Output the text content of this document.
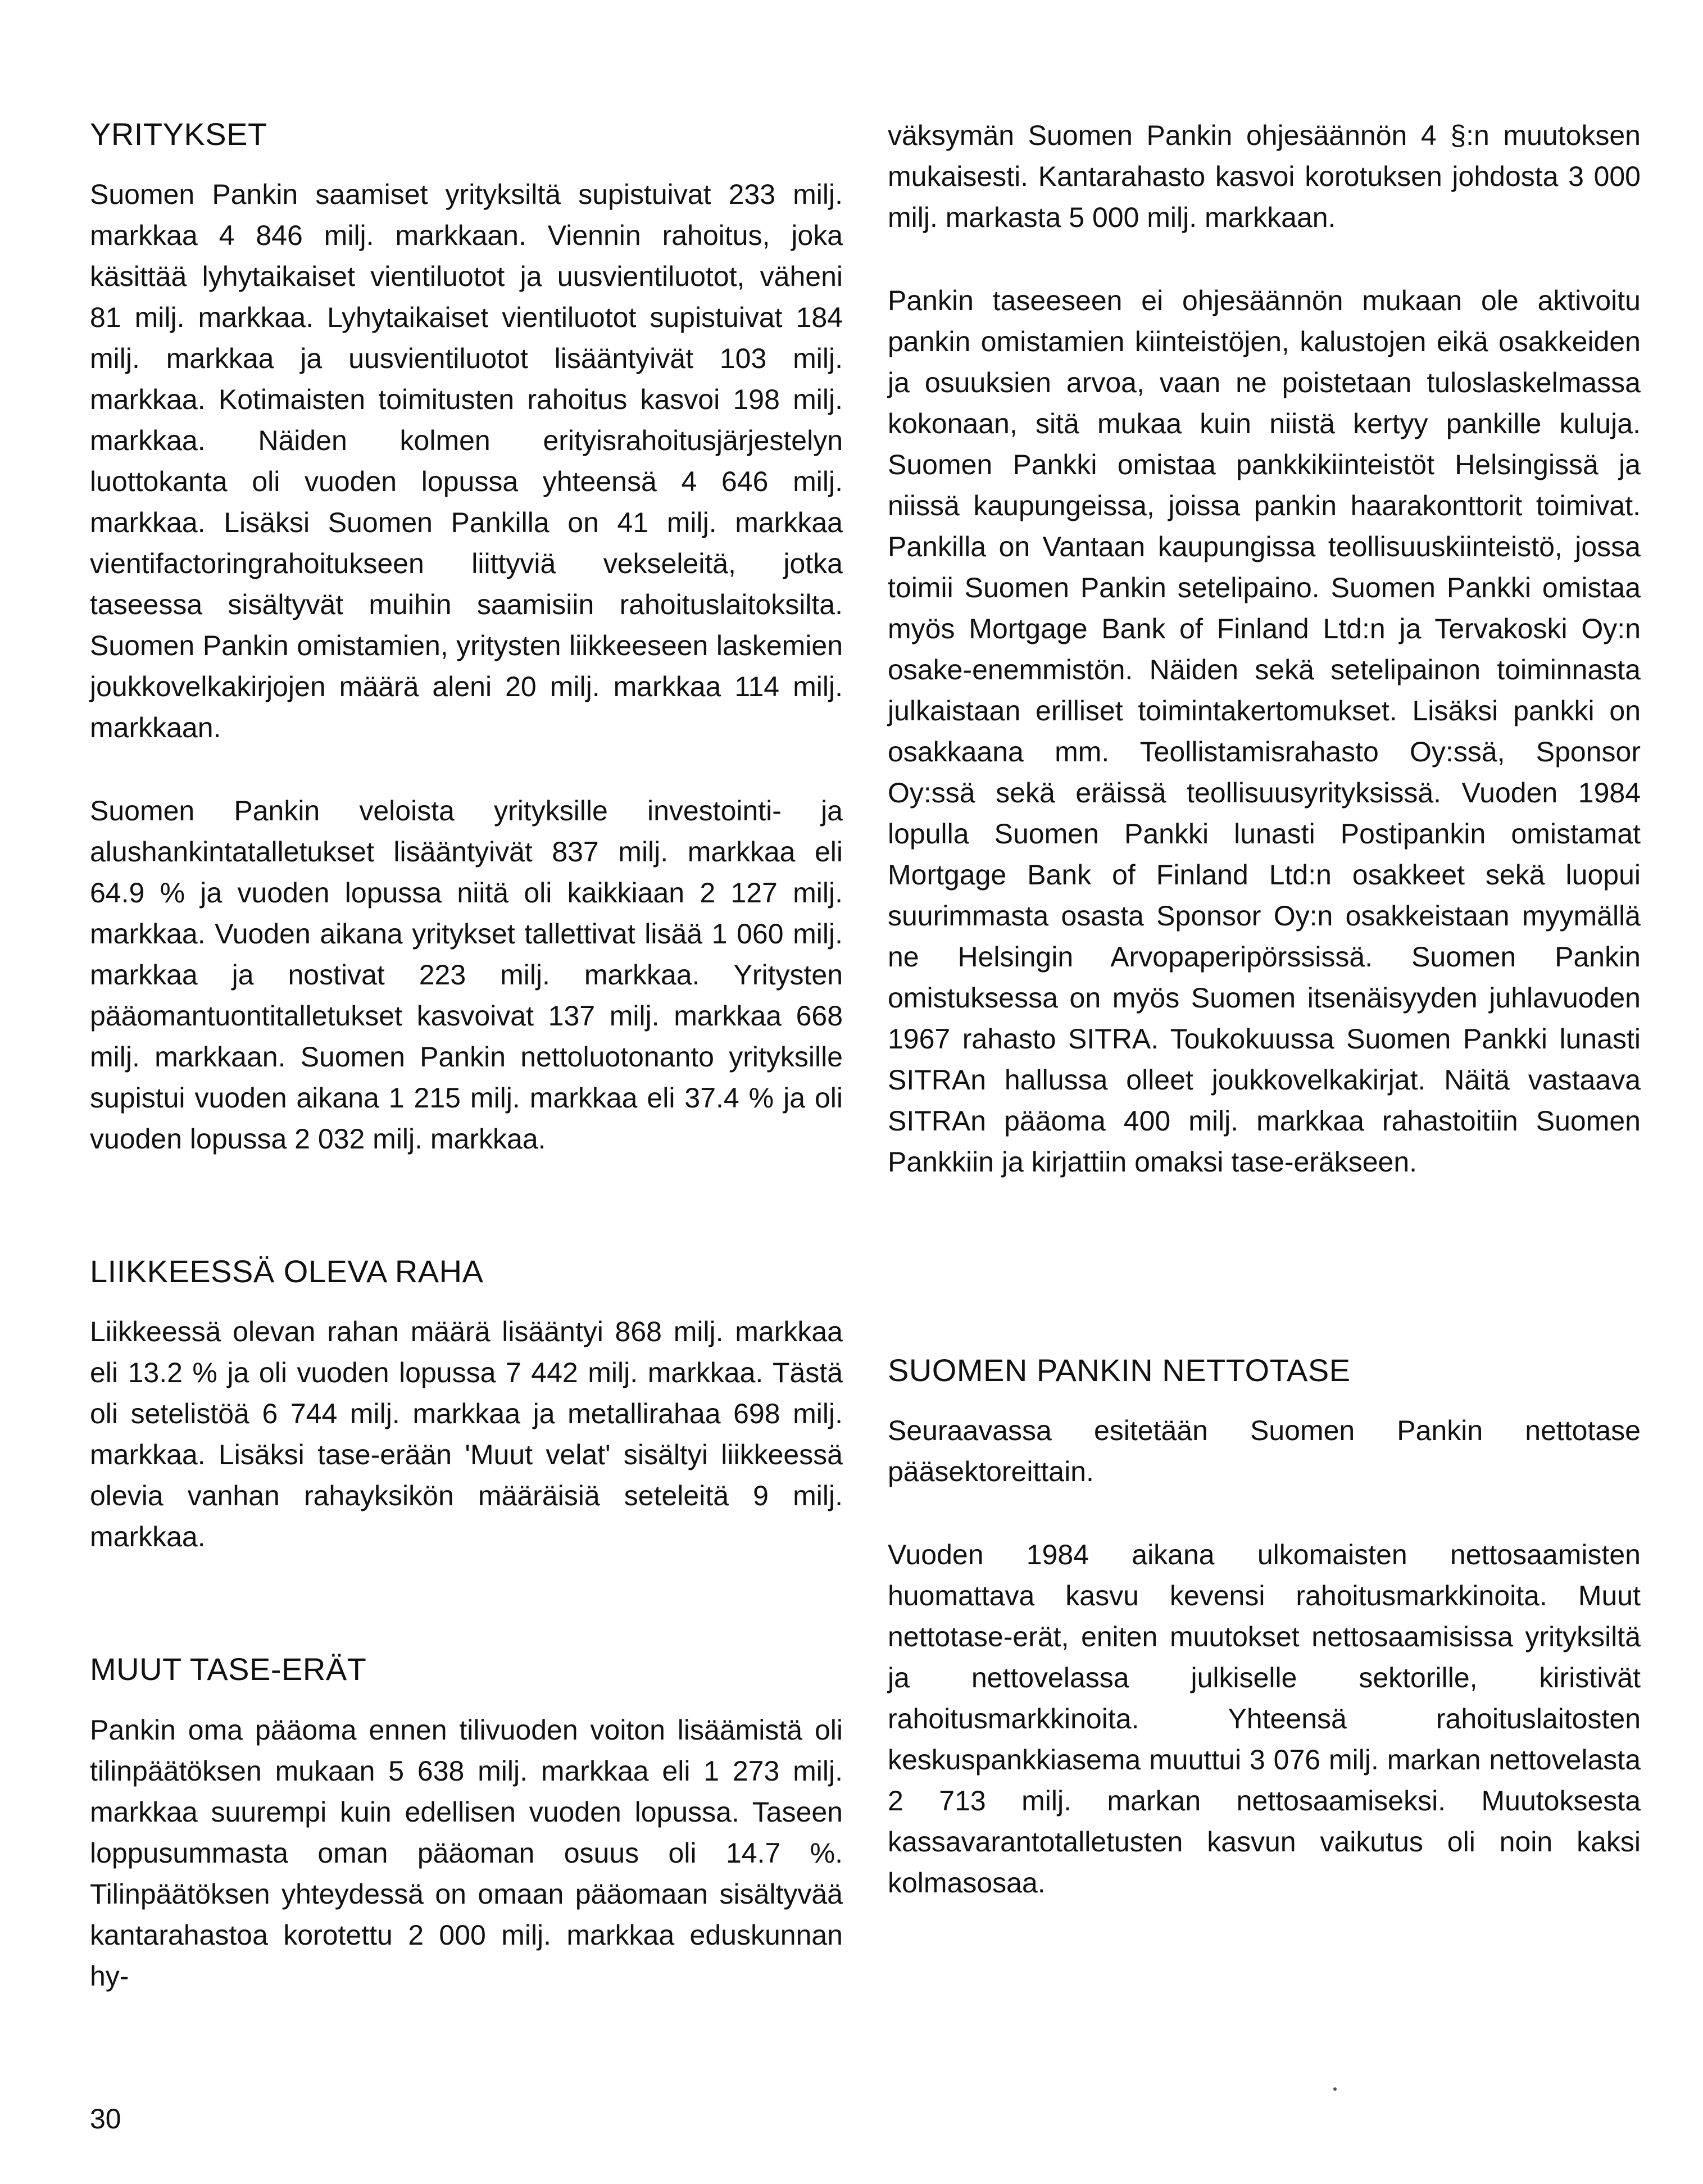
YRITYKSET

Suomen Pankin saamiset yrityksiltä supistuivat 233 milj. markkaa 4 846 milj. markkaan. Viennin rahoitus, joka käsittää lyhytaikaiset vientiluotot ja uusvientiluotot, väheni 81 milj. markkaa. Lyhytaikaiset vientiluotot supistuivat 184 milj. markkaa ja uusvientiluotot lisääntyivät 103 milj. markkaa. Kotimaisten toimitusten rahoitus kasvoi 198 milj. markkaa. Näiden kolmen erityisrahoitusjärjestelyn luottokanta oli vuoden lopussa yhteensä 4 646 milj. markkaa. Lisäksi Suomen Pankilla on 41 milj. markkaa vientifactoringrahoitukseen liittyviä vekseleitä, jotka taseessa sisältyvät muihin saamisiin rahoituslaitoksilta. Suomen Pankin omistamien, yritysten liikkeeseen laskemien joukkovelkakirjojen määrä aleni 20 milj. markkaa 114 milj. markkaan.

Suomen Pankin veloista yrityksille investointi- ja alushankintatalletukset lisääntyivät 837 milj. markkaa eli 64.9 % ja vuoden lopussa niitä oli kaikkiaan 2 127 milj. markkaa. Vuoden aikana yritykset tallettivat lisää 1 060 milj. markkaa ja nostivat 223 milj. markkaa. Yritysten pääomantuontitalletukset kasvoivat 137 milj. markkaa 668 milj. markkaan. Suomen Pankin nettoluotonanto yrityksille supistui vuoden aikana 1 215 milj. markkaa eli 37.4 % ja oli vuoden lopussa 2 032 milj. markkaa.

LIIKKEESSÄ OLEVA RAHA

Liikkeessä olevan rahan määrä lisääntyi 868 milj. markkaa eli 13.2 % ja oli vuoden lopussa 7 442 milj. markkaa. Tästä oli setelistöä 6 744 milj. markkaa ja metallirahaa 698 milj. markkaa. Lisäksi tase-erään 'Muut velat' sisältyi liikkeessä olevia vanhan rahayksikön määräisiä seteleitä 9 milj. markkaa.

MUUT TASE-ERÄT

Pankin oma pääoma ennen tilivuoden voiton lisäämistä oli tilinpäätöksen mukaan 5 638 milj. markkaa eli 1 273 milj. markkaa suurempi kuin edellisen vuoden lopussa. Taseen loppusummasta oman pääoman osuus oli 14.7 %. Tilinpäätöksen yhteydessä on omaan pääomaan sisältyvää kantarahastoa korotettu 2 000 milj. markkaa eduskunnan hy-

väksymän Suomen Pankin ohjesäännön 4 §:n muutoksen mukaisesti. Kantarahasto kasvoi korotuksen johdosta 3 000 milj. markasta 5 000 milj. markkaan.

Pankin taseeseen ei ohjesäännön mukaan ole aktivoitu pankin omistamien kiinteistöjen, kalustojen eikä osakkeiden ja osuuksien arvoa, vaan ne poistetaan tuloslaskelmassa kokonaan, sitä mukaa kuin niistä kertyy pankille kuluja. Suomen Pankki omistaa pankkikiinteistöt Helsingissä ja niissä kaupungeissa, joissa pankin haarakonttorit toimivat. Pankilla on Vantaan kaupungissa teollisuuskiinteistö, jossa toimii Suomen Pankin setelipaino. Suomen Pankki omistaa myös Mortgage Bank of Finland Ltd:n ja Tervakoski Oy:n osake-enemmistön. Näiden sekä setelipainon toiminnasta julkaistaan erilliset toimintakertomukset. Lisäksi pankki on osakkaana mm. Teollistamisrahasto Oy:ssä, Sponsor Oy:ssä sekä eräissä teollisuusyrityksissä. Vuoden 1984 lopulla Suomen Pankki lunasti Postipankin omistamat Mortgage Bank of Finland Ltd:n osakkeet sekä luopui suurimmasta osasta Sponsor Oy:n osakkeistaan myymällä ne Helsingin Arvopaperipörssissä. Suomen Pankin omistuksessa on myös Suomen itsenäisyyden juhlavuoden 1967 rahasto SITRA. Toukokuussa Suomen Pankki lunasti SITRAn hallussa olleet joukkovelkakirjat. Näitä vastaava SITRAn pääoma 400 milj. markkaa rahastoitiin Suomen Pankkiin ja kirjattiin omaksi tase-eräkseen.

SUOMEN PANKIN NETTOTASE

Seuraavassa esitetään Suomen Pankin nettotase pääsektoreittain.

Vuoden 1984 aikana ulkomaisten nettosaamisten huomattava kasvu kevensi rahoitusmarkkinoita. Muut nettotase-erät, eniten muutokset nettosaamisissa yrityksiltä ja nettovelassa julkiselle sektorille, kiristivät rahoitusmarkkinoita. Yhteensä rahoituslaitosten keskuspankkiasema muuttui 3 076 milj. markan nettovelasta 2 713 milj. markan nettosaamiseksi. Muutoksesta kassavarantotalletusten kasvun vaikutus oli noin kaksi kolmasosaa.

30
